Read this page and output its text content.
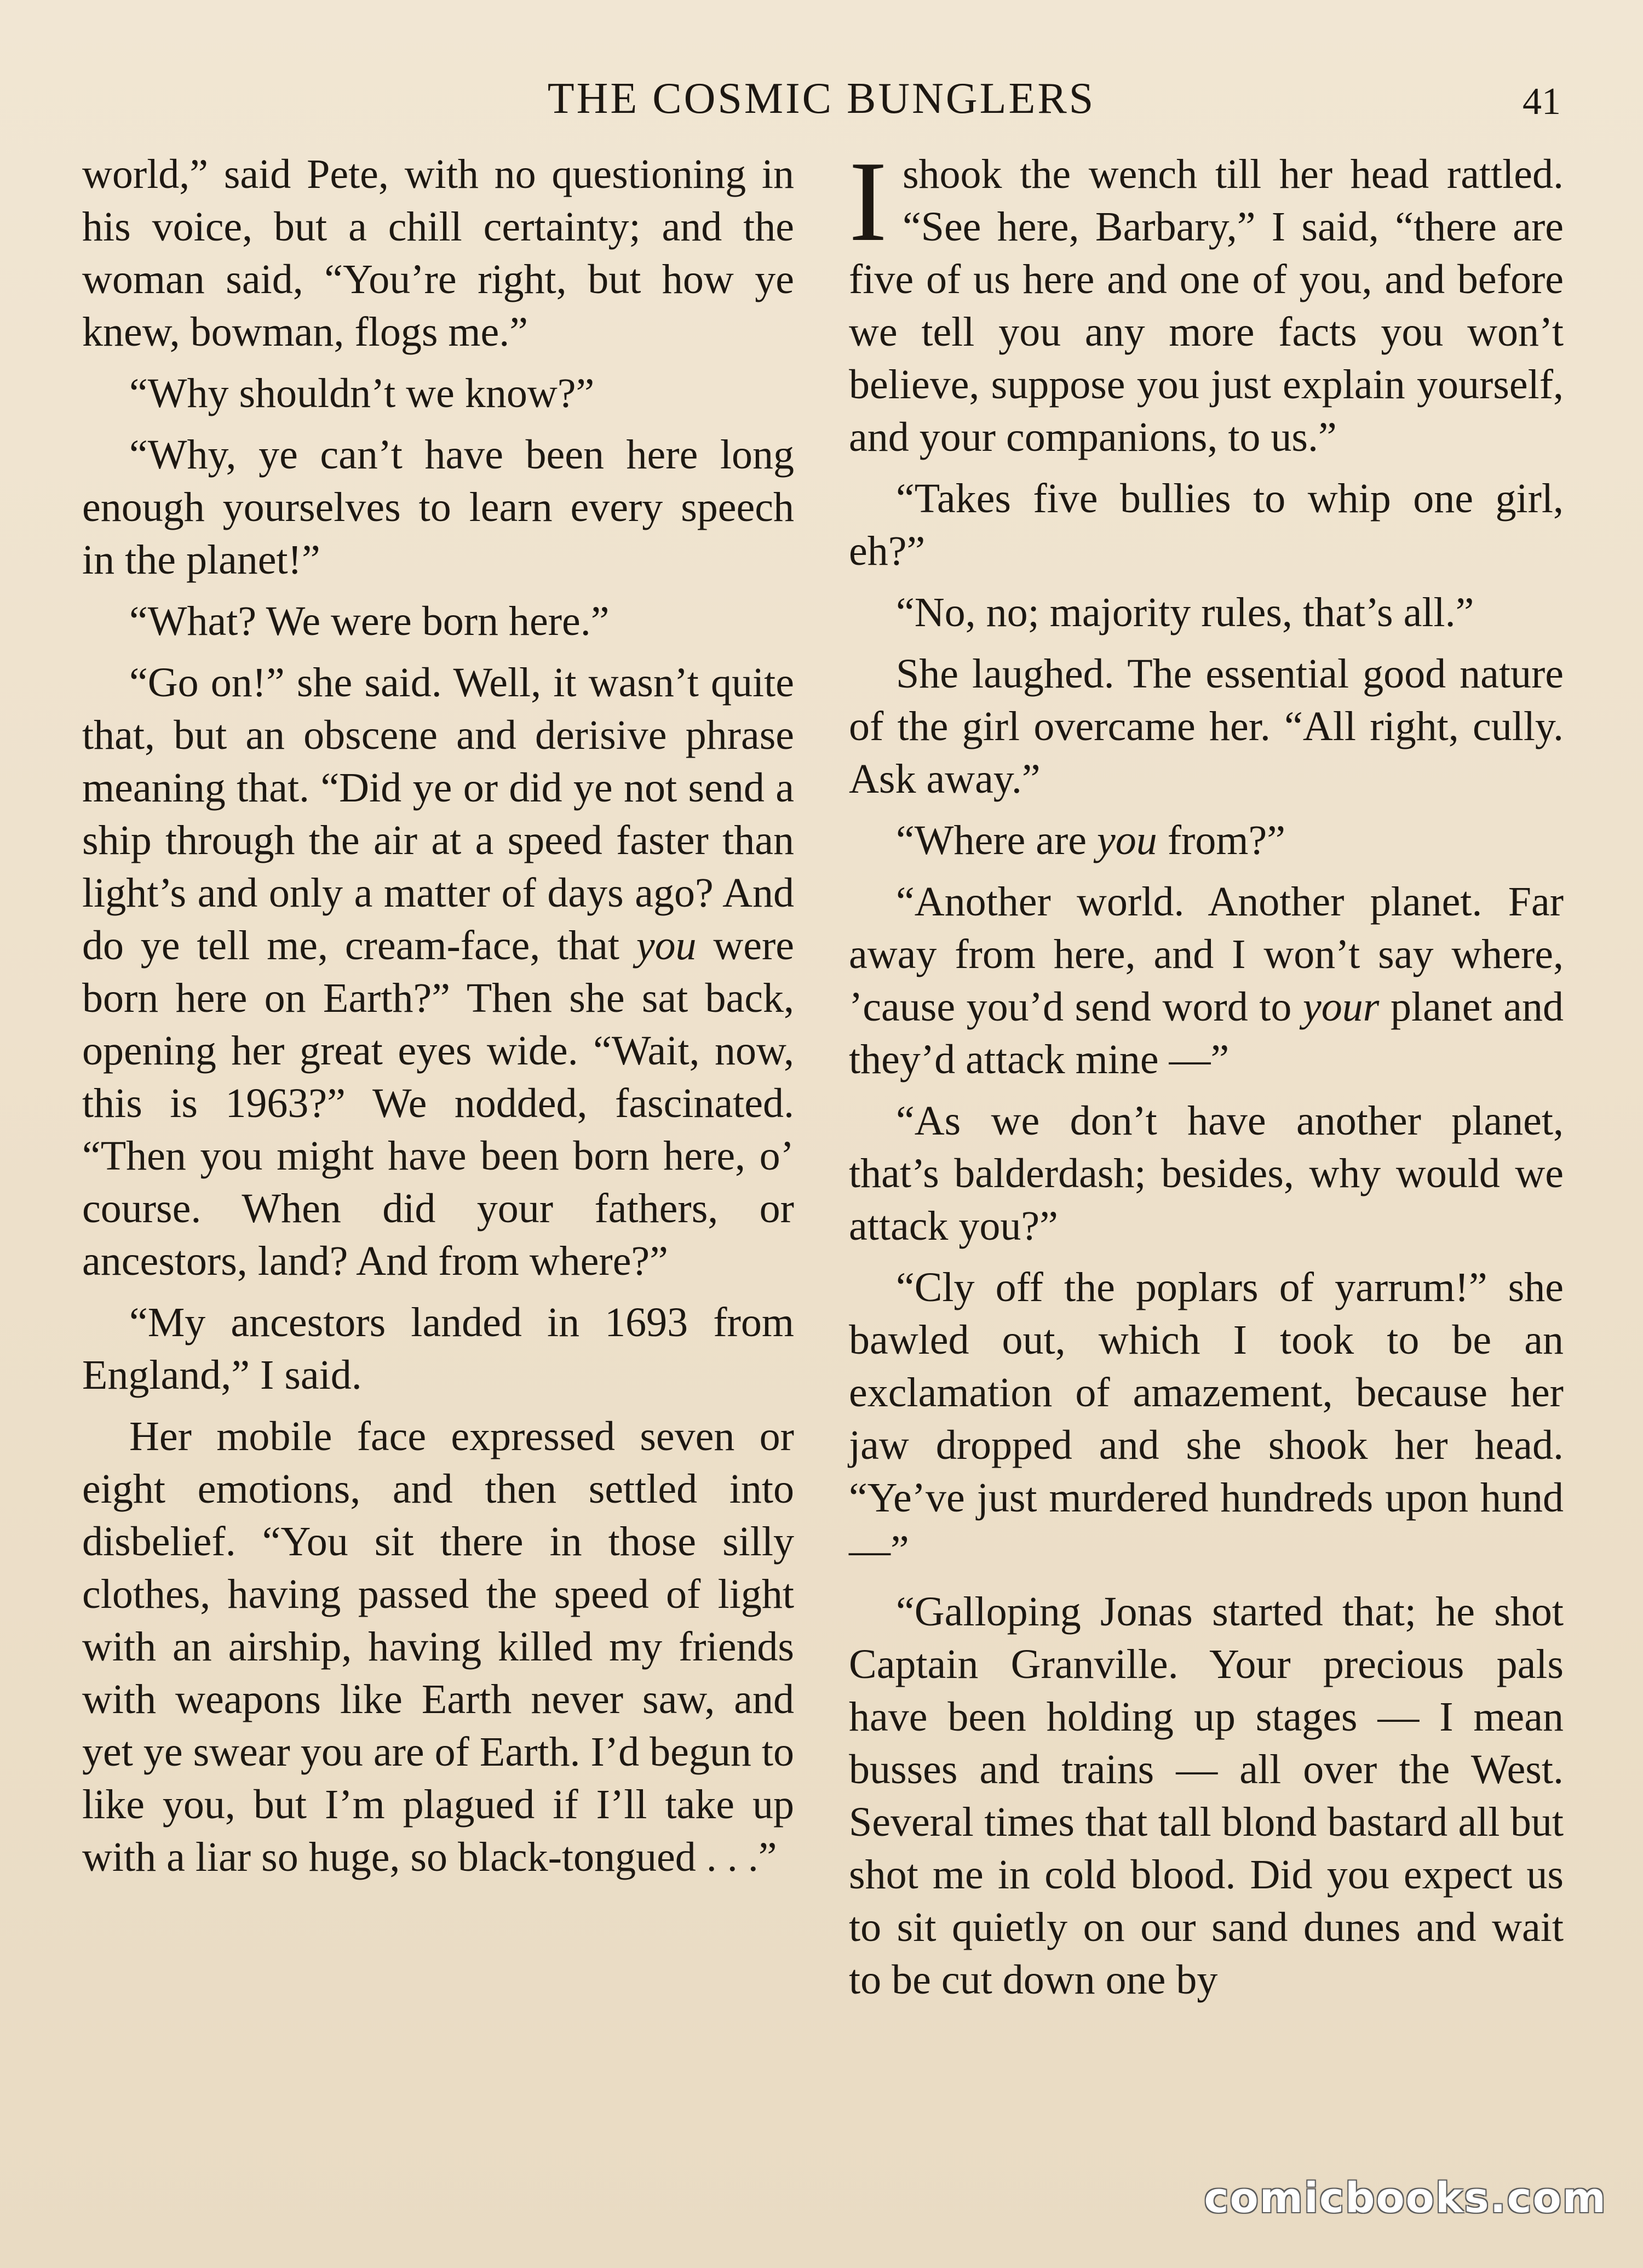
THE COSMIC BUNGLERS	41

world,” said Pete, with no questioning in his voice, but a chill certainty; and the woman said, “You’re right, but how ye knew, bowman, flogs me.”

“Why shouldn’t we know?”

“Why, ye can’t have been here long enough yourselves to learn every speech in the planet!”

“What? We were born here.”

“Go on!” she said. Well, it wasn’t quite that, but an obscene and derisive phrase meaning that. “Did ye or did ye not send a ship through the air at a speed faster than light’s and only a matter of days ago? And do ye tell me, cream-face, that you were born here on Earth?” Then she sat back, opening her great eyes wide. “Wait, now, this is 1963?” We nodded, fascinated. “Then you might have been born here, o’ course. When did your fathers, or ancestors, land? And from where?”

“My ancestors landed in 1693 from England,” I said.

Her mobile face expressed seven or eight emotions, and then settled into disbelief. “You sit there in those silly clothes, having passed the speed of light with an airship, having killed my friends with weapons like Earth never saw, and yet ye swear you are of Earth. I’d begun to like you, but I’m plagued if I’ll take up with a liar so huge, so black-tongued . . .”

Ishook the wench till her head rattled. “See here, Barbary,” I said, “there are five of us here and one of you, and before we tell you any more facts you won’t believe, suppose you just explain yourself, and your companions, to us.”

“Takes five bullies to whip one girl, eh?”

“No, no; majority rules, that’s all.”

She laughed. The essential good nature of the girl overcame her. “All right, cully. Ask away.”

“Where are you from?”

“Another world. Another planet. Far away from here, and I won’t say where, ’cause you’d send word to your planet and they’d attack mine —”

“As we don’t have another planet, that’s balderdash; besides, why would we attack you?”

“Cly off the poplars of yarrum!” she bawled out, which I took to be an exclamation of amazement, because her jaw dropped and she shook her head. “Ye’ve just murdered hundreds upon hund—”

“Galloping Jonas started that; he shot Captain Granville. Your precious pals have been holding up stages — I mean busses and trains — all over the West. Several times that tall blond bastard all but shot me in cold blood. Did you expect us to sit quietly on our sand dunes and wait to be cut down one by

comicbooks.com
